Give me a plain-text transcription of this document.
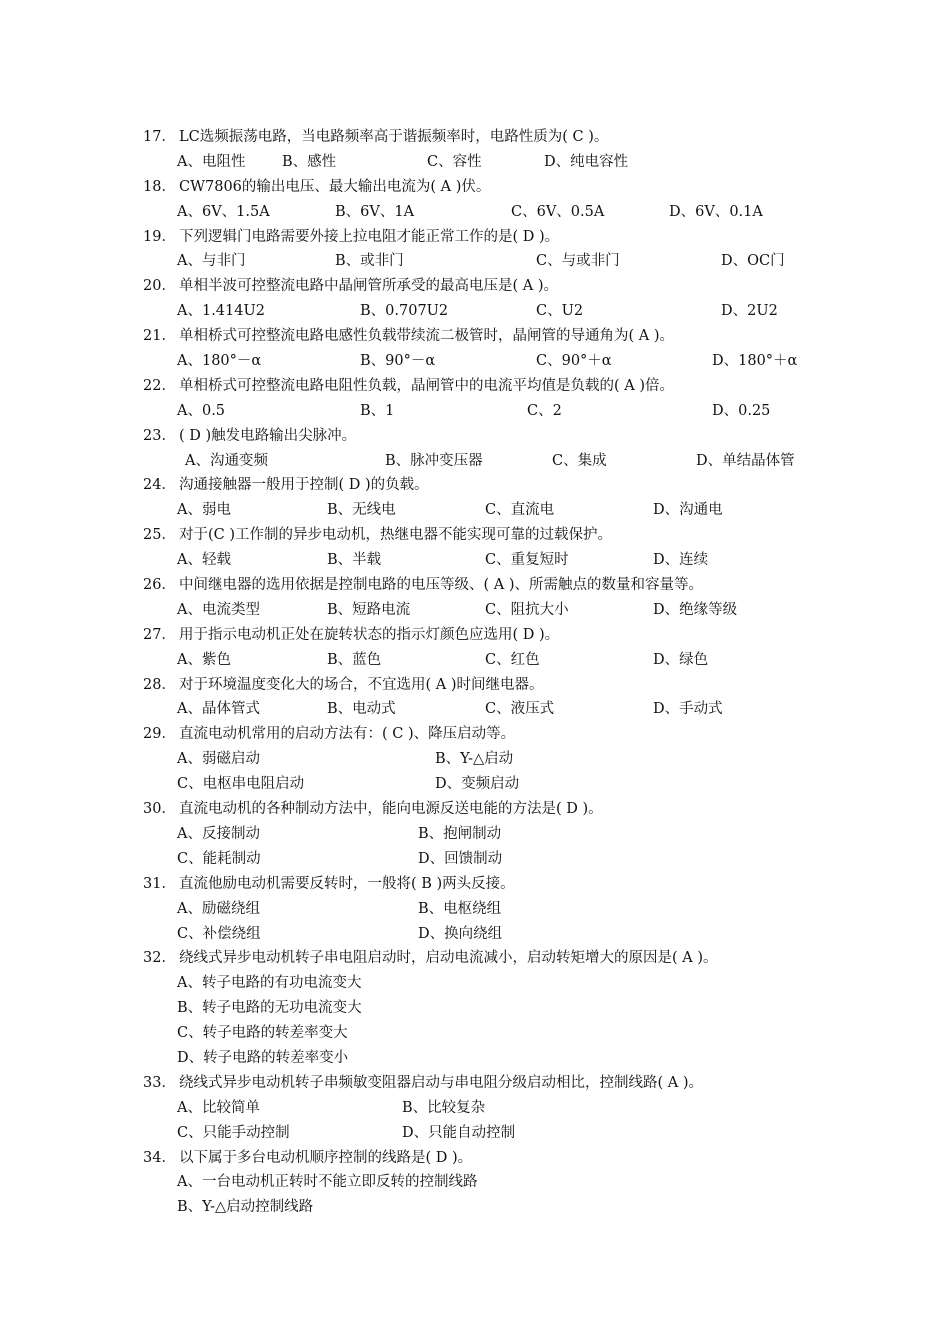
17． LC选频振荡电路，当电路频率高于谐振频率时，电路性质为( C )。
A、电阻性	B、感性	C、容性	D、纯电容性
18． CW7806的输出电压、最大输出电流为( A )伏。
A、6V、1.5A	B、6V、1A	C、6V、0.5A	D、6V、0.1A
19． 下列逻辑门电路需要外接上拉电阻才能正常工作的是( D )。
A、与非门	B、或非门	C、与或非门	D、OC门
20． 单相半波可控整流电路中晶闸管所承受的最高电压是( A )。
A、1.414U2	B、0.707U2	C、U2	D、2U2
21． 单相桥式可控整流电路电感性负载带续流二极管时，晶闸管的导通角为( A )。
A、180°－α	B、90°－α	C、90°＋α	D、180°＋α
22． 单相桥式可控整流电路电阻性负载，晶闸管中的电流平均值是负载的( A )倍。
A、0.5	B、1	C、2	D、0.25
23． ( D )触发电路输出尖脉冲。
A、沟通变频	B、脉冲变压器	C、集成	D、单结晶体管
24． 沟通接触器一般用于控制( D )的负载。
A、弱电	B、无线电	C、直流电	D、沟通电
25． 对于(C )工作制的异步电动机，热继电器不能实现可靠的过载保护。
A、轻载	B、半载	C、重复短时	D、连续
26． 中间继电器的选用依据是控制电路的电压等级、( A )、所需触点的数量和容量等。
A、电流类型	B、短路电流	C、阻抗大小	D、绝缘等级
27． 用于指示电动机正处在旋转状态的指示灯颜色应选用( D )。
A、紫色	B、蓝色	C、红色	D、绿色
28． 对于环境温度变化大的场合，不宜选用( A )时间继电器。
A、晶体管式	B、电动式	C、液压式	D、手动式
29． 直流电动机常用的启动方法有：( C )、降压启动等。
A、弱磁启动	B、Y-△启动
C、电枢串电阻启动	D、变频启动
30． 直流电动机的各种制动方法中，能向电源反送电能的方法是( D )。
A、反接制动	B、抱闸制动
C、能耗制动	D、回馈制动
31． 直流他励电动机需要反转时，一般将( B )两头反接。
A、励磁绕组	B、电枢绕组
C、补偿绕组	D、换向绕组
32． 绕线式异步电动机转子串电阻启动时，启动电流减小，启动转矩增大的原因是( A )。
A、转子电路的有功电流变大
B、转子电路的无功电流变大
C、转子电路的转差率变大
D、转子电路的转差率变小
33． 绕线式异步电动机转子串频敏变阻器启动与串电阻分级启动相比，控制线路( A )。
A、比较简单	B、比较复杂
C、只能手动控制	D、只能自动控制
34． 以下属于多台电动机顺序控制的线路是( D )。
A、一台电动机正转时不能立即反转的控制线路
B、Y-△启动控制线路
